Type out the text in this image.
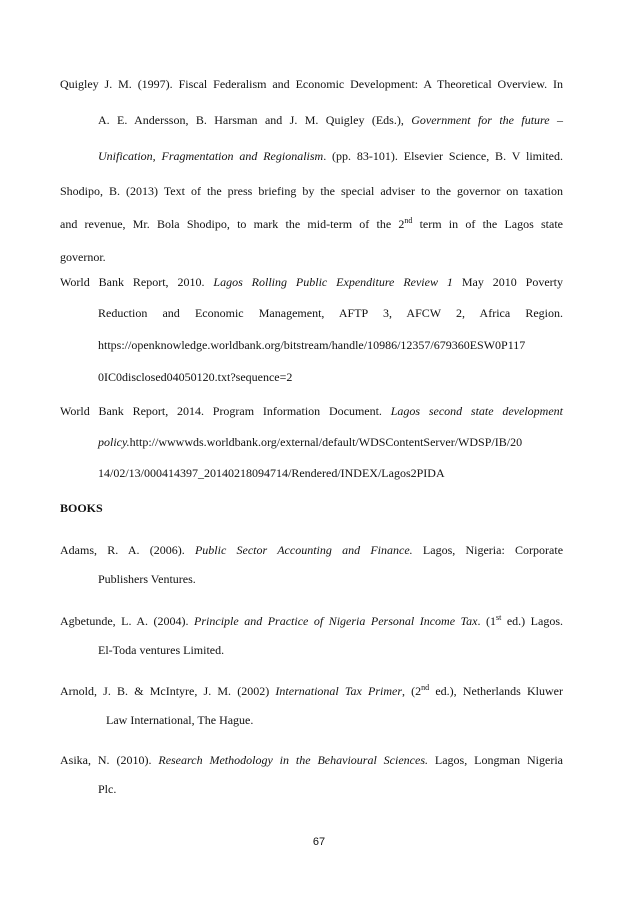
Quigley J. M. (1997). Fiscal Federalism and Economic Development: A Theoretical Overview. In
A. E. Andersson, B. Harsman and J. M. Quigley (Eds.), Government for the future –
Unification, Fragmentation and Regionalism. (pp. 83-101). Elsevier Science, B. V limited.
Shodipo, B. (2013) Text of the press briefing by the special adviser to the governor on taxation
and revenue, Mr. Bola Shodipo, to mark the mid-term of the 2nd term in of the Lagos state
governor.
World Bank Report, 2010. Lagos Rolling Public Expenditure Review 1 May 2010 Poverty
Reduction and Economic Management, AFTP 3, AFCW 2, Africa Region.
https://openknowledge.worldbank.org/bitstream/handle/10986/12357/679360ESW0P117
0IC0disclosed04050120.txt?sequence=2
World Bank Report, 2014. Program Information Document. Lagos second state development
policy.http://wwwwds.worldbank.org/external/default/WDSContentServer/WDSP/IB/20
14/02/13/000414397_20140218094714/Rendered/INDEX/Lagos2PIDA
BOOKS
Adams, R. A. (2006). Public Sector Accounting and Finance. Lagos, Nigeria: Corporate
Publishers Ventures.
Agbetunde, L. A. (2004). Principle and Practice of Nigeria Personal Income Tax. (1st ed.) Lagos.
El-Toda ventures Limited.
Arnold, J. B. & McIntyre, J. M. (2002) International Tax Primer, (2nd ed.), Netherlands Kluwer
Law International, The Hague.
Asika, N. (2010). Research Methodology in the Behavioural Sciences. Lagos, Longman Nigeria
Plc.
67
